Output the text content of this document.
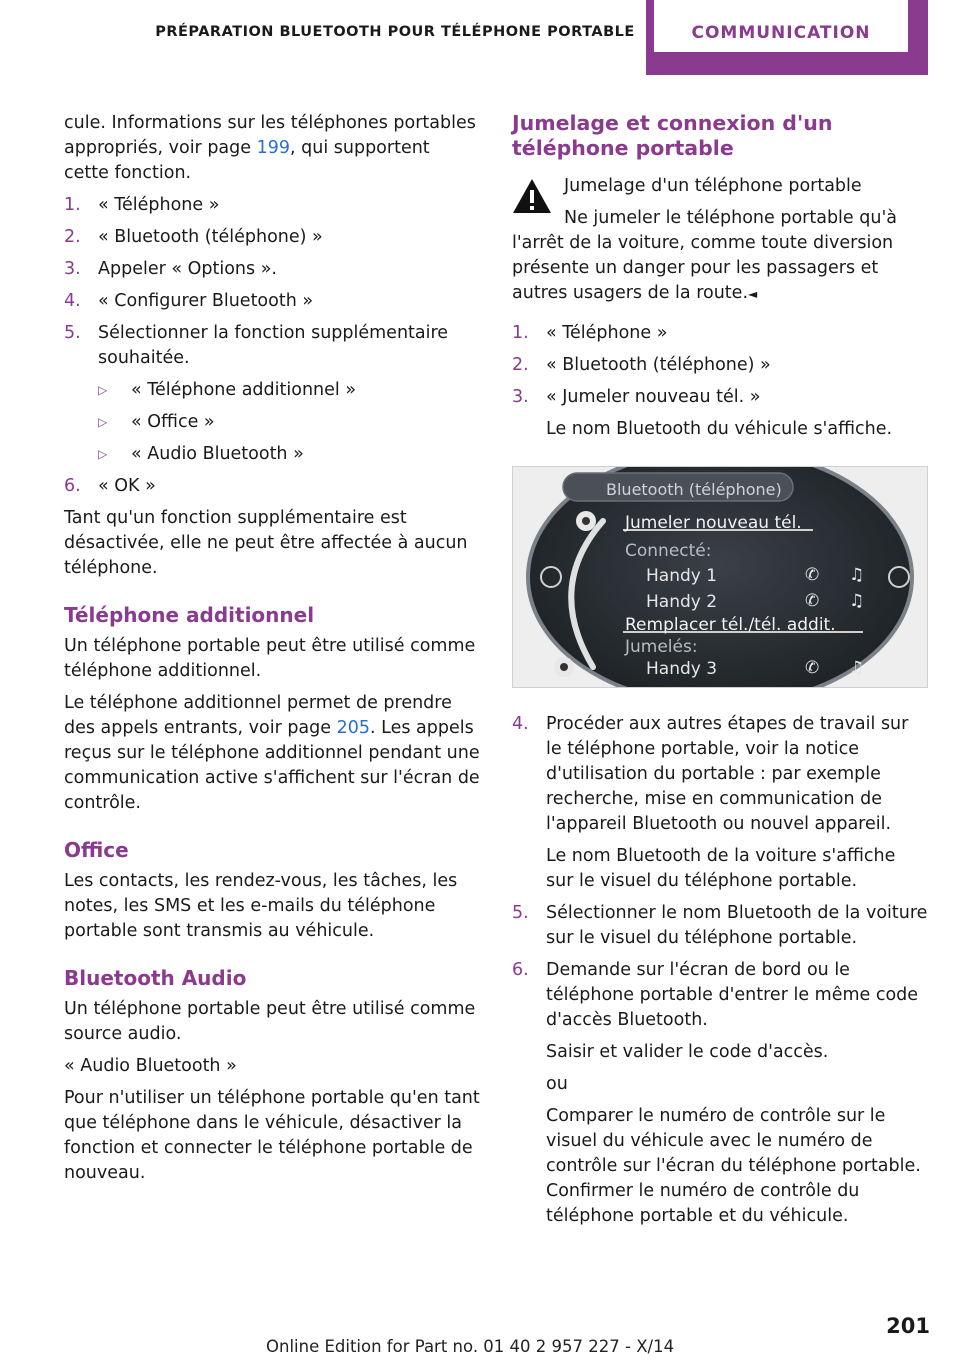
PRÉPARATION BLUETOOTH POUR TÉLÉPHONE PORTABLE	COMMUNICATION

cule. Informations sur les téléphones portables appropriés, voir page 199, qui supportent cette fonction.

1. « Téléphone »
2. « Bluetooth (téléphone) »
3. Appeler « Options ».
4. « Configurer Bluetooth »
5. Sélectionner la fonction supplémentaire souhaitée.
▷	« Téléphone additionnel »
▷	« Office »
▷	« Audio Bluetooth »
6. « OK »

Tant qu'un fonction supplémentaire est désactivée, elle ne peut être affectée à aucun téléphone.

Téléphone additionnel

Un téléphone portable peut être utilisé comme téléphone additionnel.

Le téléphone additionnel permet de prendre des appels entrants, voir page 205. Les appels reçus sur le téléphone additionnel pendant une communication active s'affichent sur l'écran de contrôle.

Office

Les contacts, les rendez-vous, les tâches, les notes, les SMS et les e-mails du téléphone portable sont transmis au véhicule.

Bluetooth Audio

Un téléphone portable peut être utilisé comme source audio.

« Audio Bluetooth »

Pour n'utiliser un téléphone portable qu'en tant que téléphone dans le véhicule, désactiver la fonction et connecter le téléphone portable de nouveau.

Jumelage et connexion d'un téléphone portable
Jumelage d'un téléphone portable
Ne jumeler le téléphone portable qu'à
l'arrêt de la voiture, comme toute diversion présente un danger pour les passagers et autres usagers de la route.◄
1. « Téléphone »
2. « Bluetooth (téléphone) »
3. « Jumeler nouveau tél. »
Le nom Bluetooth du véhicule s'affiche.
Bluetooth (téléphone)
Jumeler nouveau tél.
Connecté:
Handy 1
Handy 2
Remplacer tél./tél. addit.
Jumelés:
Handy 3
✆ ♫
✆ ♫
✆ ♫
4. Procéder aux autres étapes de travail sur le téléphone portable, voir la notice d'utilisation du portable : par exemple recherche, mise en communication de l'appareil Bluetooth ou nouvel appareil.
Le nom Bluetooth de la voiture s'affiche sur le visuel du téléphone portable.
5. Sélectionner le nom Bluetooth de la voiture sur le visuel du téléphone portable.
6. Demande sur l'écran de bord ou le téléphone portable d'entrer le même code d'accès Bluetooth.
Saisir et valider le code d'accès.
ou
Comparer le numéro de contrôle sur le visuel du véhicule avec le numéro de contrôle sur l'écran du téléphone portable. Confirmer le numéro de contrôle du téléphone portable et du véhicule.
201
Online Edition for Part no. 01 40 2 957 227 - X/14
